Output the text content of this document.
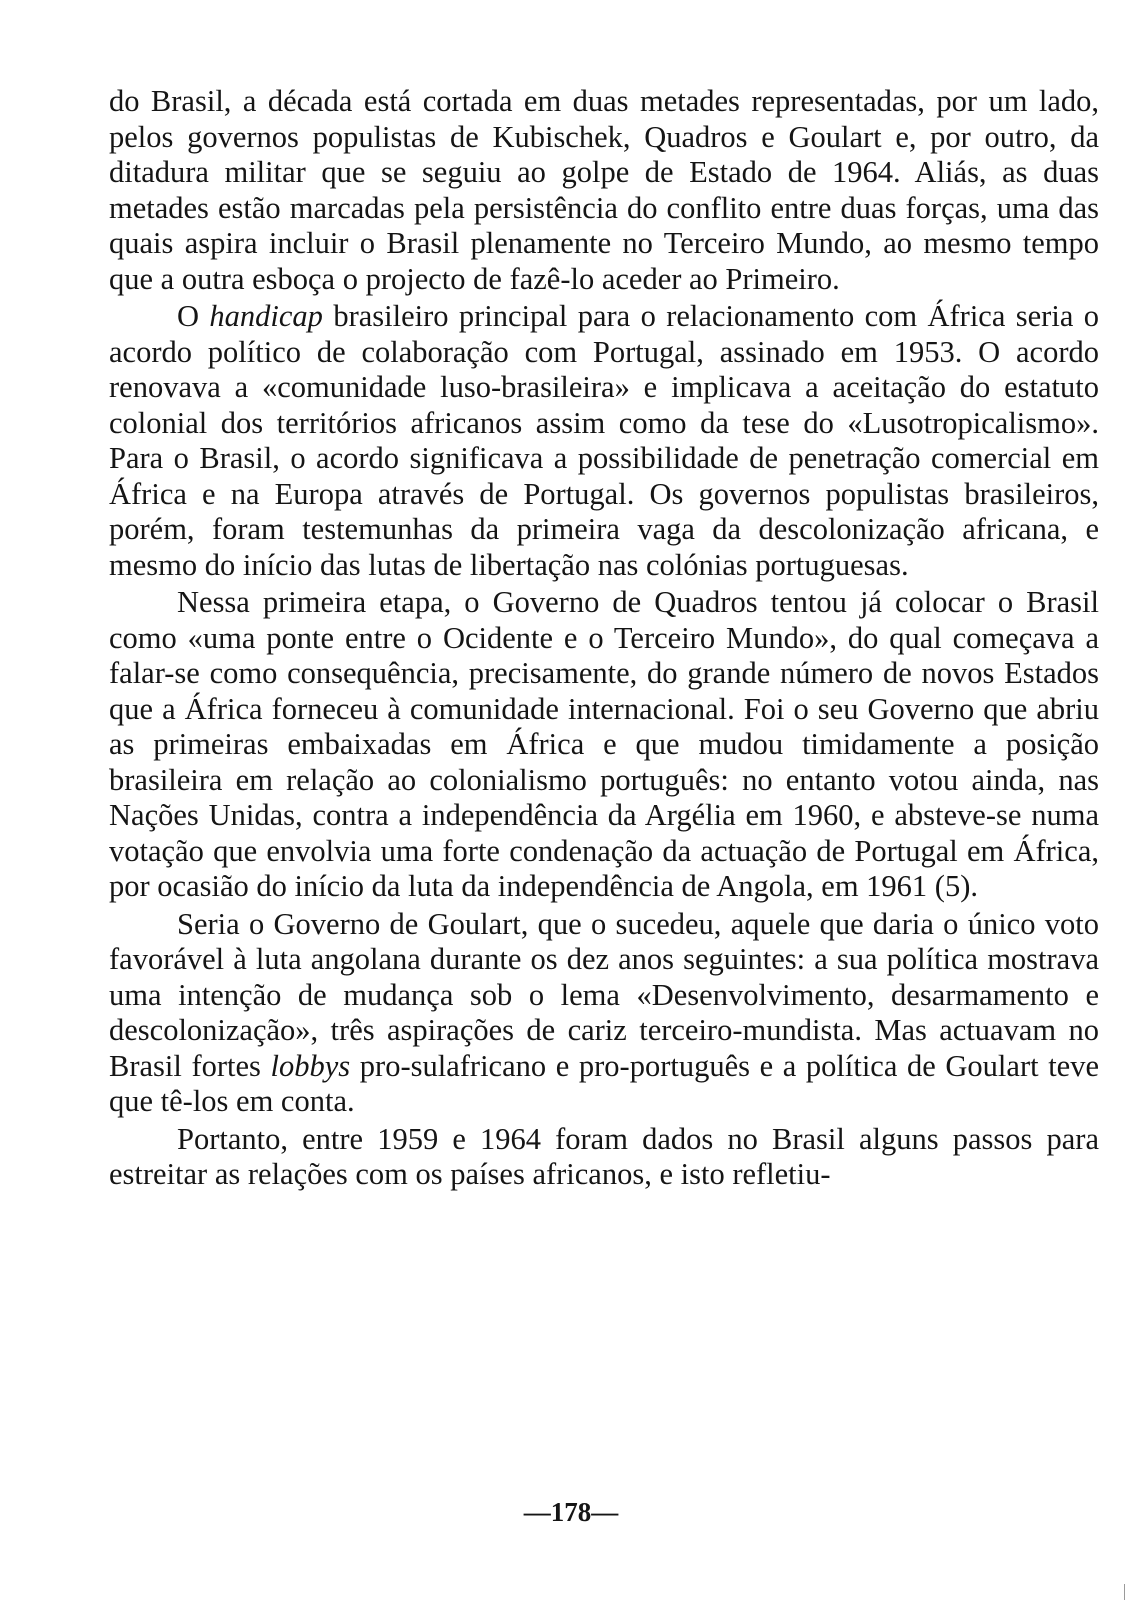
do Brasil, a década está cortada em duas metades representadas, por um lado, pelos governos populistas de Kubischek, Quadros e Goulart e, por outro, da ditadura militar que se seguiu ao golpe de Estado de 1964. Aliás, as duas metades estão marcadas pela persistência do conflito entre duas forças, uma das quais aspira incluir o Brasil plenamente no Terceiro Mundo, ao mesmo tempo que a outra esboça o projecto de fazê-lo aceder ao Primeiro.

O handicap brasileiro principal para o relacionamento com África seria o acordo político de colaboração com Portugal, assinado em 1953. O acordo renovava a «comunidade luso-brasileira» e implicava a aceitação do estatuto colonial dos territórios africanos assim como da tese do «Lusotropicalismo». Para o Brasil, o acordo significava a possibilidade de penetração comercial em África e na Europa através de Portugal. Os governos populistas brasileiros, porém, foram testemunhas da primeira vaga da descolonização africana, e mesmo do início das lutas de libertação nas colónias portuguesas.

Nessa primeira etapa, o Governo de Quadros tentou já colocar o Brasil como «uma ponte entre o Ocidente e o Terceiro Mundo», do qual começava a falar-se como consequência, precisamente, do grande número de novos Estados que a África forneceu à comunidade internacional. Foi o seu Governo que abriu as primeiras embaixadas em África e que mudou timidamente a posição brasileira em relação ao colonialismo português: no entanto votou ainda, nas Nações Unidas, contra a independência da Argélia em 1960, e absteve-se numa votação que envolvia uma forte condenação da actuação de Portugal em África, por ocasião do início da luta da independência de Angola, em 1961 (5).

Seria o Governo de Goulart, que o sucedeu, aquele que daria o único voto favorável à luta angolana durante os dez anos seguintes: a sua política mostrava uma intenção de mudança sob o lema «Desenvolvimento, desarmamento e descolonização», três aspirações de cariz terceiro-mundista. Mas actuavam no Brasil fortes lobbys pro-sulafricano e pro-português e a política de Goulart teve que tê-los em conta.

Portanto, entre 1959 e 1964 foram dados no Brasil alguns passos para estreitar as relações com os países africanos, e isto refletiu-

—178—
